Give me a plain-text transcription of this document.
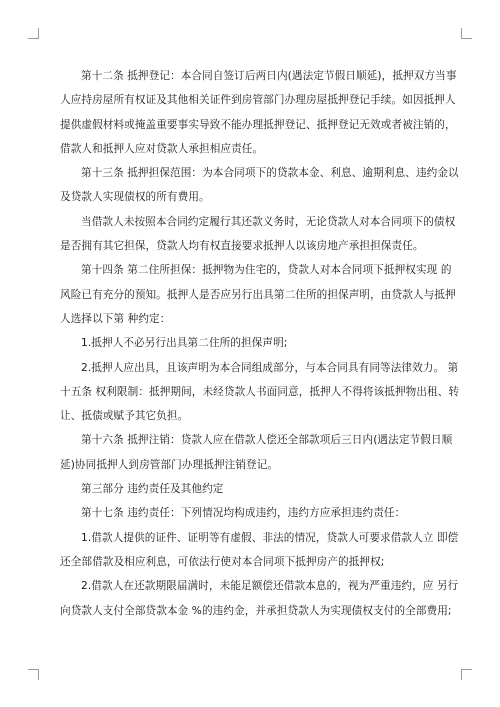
第十二条 抵押登记：本合同自签订后两日内(遇法定节假日顺延)，抵押双方当事
人应持房屋所有权证及其他相关证件到房管部门办理房屋抵押登记手续。如因抵押人
提供虚假材料或掩盖重要事实导致不能办理抵押登记、抵押登记无效或者被注销的，
借款人和抵押人应对贷款人承担相应责任。
第十三条 抵押担保范围：为本合同项下的贷款本金、利息、逾期利息、违约金以
及贷款人实现债权的所有费用。
当借款人未按照本合同约定履行其还款义务时，无论贷款人对本合同项下的债权
是否拥有其它担保，贷款人均有权直接要求抵押人以该房地产承担担保责任。
第十四条 第二住所担保：抵押物为住宅的，贷款人对本合同项下抵押权实现 的
风险已有充分的预知。抵押人是否应另行出具第二住所的担保声明，由贷款人与抵押
人选择以下第 种约定：
1.抵押人不必另行出具第二住所的担保声明;
2.抵押人应出具，且该声明为本合同组成部分，与本合同具有同等法律效力。 第
十五条 权利限制：抵押期间，未经贷款人书面同意，抵押人不得将该抵押物出租、转
让、抵债或赋予其它负担。
第十六条 抵押注销：贷款人应在借款人偿还全部款项后三日内(遇法定节假日顺
延)协同抵押人到房管部门办理抵押注销登记。
第三部分 违约责任及其他约定
第十七条 违约责任：下列情况均构成违约，违约方应承担违约责任：
1.借款人提供的证件、证明等有虚假、非法的情况，贷款人可要求借款人立 即偿
还全部借款及相应利息，可依法行使对本合同项下抵押房产的抵押权;
2.借款人在还款期限届满时，未能足额偿还借款本息的，视为严重违约，应 另行
向贷款人支付全部贷款本金 %的违约金，并承担贷款人为实现债权支付的全部费用;
